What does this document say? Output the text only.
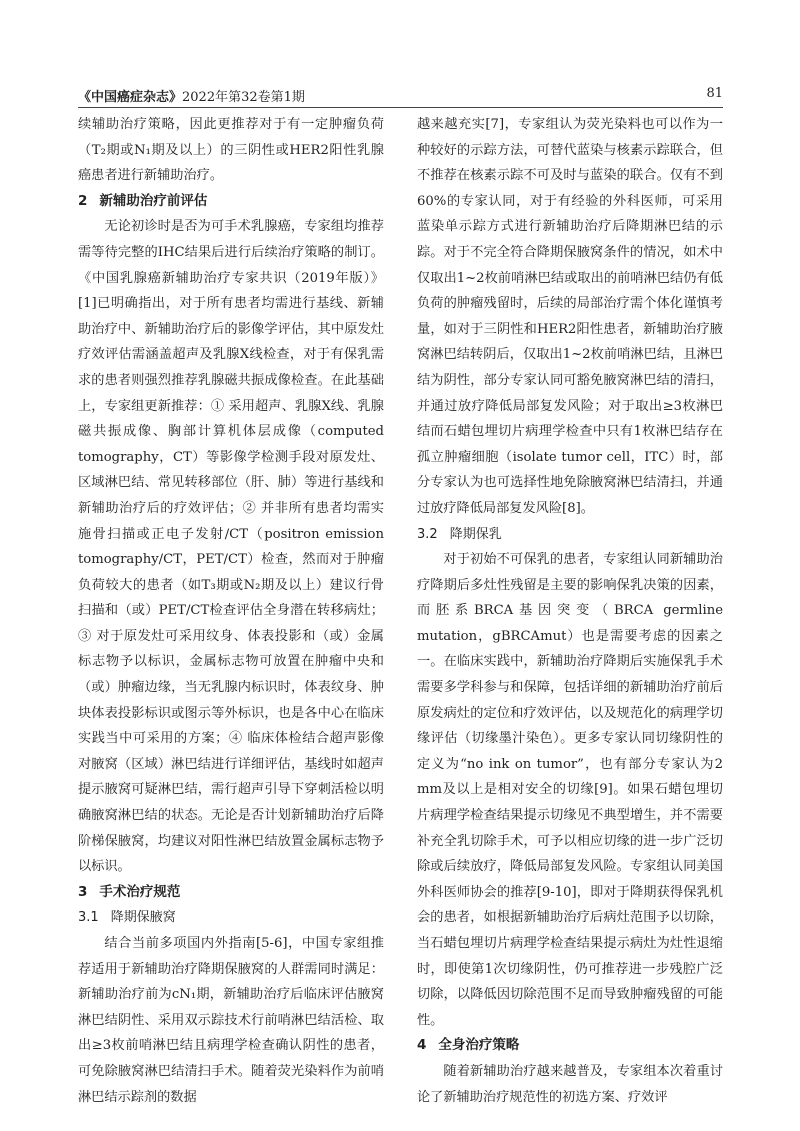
《中国癌症杂志》2022年第32卷第1期	81

续辅助治疗策略，因此更推荐对于有一定肿瘤负荷（T₂期或N₁期及以上）的三阴性或HER2阳性乳腺癌患者进行新辅助治疗。

2 新辅助治疗前评估

无论初诊时是否为可手术乳腺癌，专家组均推荐需等待完整的IHC结果后进行后续治疗策略的制订。《中国乳腺癌新辅助治疗专家共识（2019年版）》[1]已明确指出，对于所有患者均需进行基线、新辅助治疗中、新辅助治疗后的影像学评估，其中原发灶疗效评估需涵盖超声及乳腺X线检查，对于有保乳需求的患者则强烈推荐乳腺磁共振成像检查。在此基础上，专家组更新推荐：① 采用超声、乳腺X线、乳腺磁共振成像、胸部计算机体层成像（computed tomography，CT）等影像学检测手段对原发灶、区域淋巴结、常见转移部位（肝、肺）等进行基线和新辅助治疗后的疗效评估；② 并非所有患者均需实施骨扫描或正电子发射/CT（positron emission tomography/CT，PET/CT）检查，然而对于肿瘤负荷较大的患者（如T₃期或N₂期及以上）建议行骨扫描和（或）PET/CT检查评估全身潜在转移病灶；③ 对于原发灶可采用纹身、体表投影和（或）金属标志物予以标识，金属标志物可放置在肿瘤中央和（或）肿瘤边缘，当无乳腺内标识时，体表纹身、肿块体表投影标识或图示等外标识，也是各中心在临床实践当中可采用的方案；④ 临床体检结合超声影像对腋窝（区域）淋巴结进行详细评估，基线时如超声提示腋窝可疑淋巴结，需行超声引导下穿刺活检以明确腋窝淋巴结的状态。无论是否计划新辅助治疗后降阶梯保腋窝，均建议对阳性淋巴结放置金属标志物予以标识。

3 手术治疗规范
3.1 降期保腋窝

结合当前多项国内外指南[5-6]，中国专家组推荐适用于新辅助治疗降期保腋窝的人群需同时满足：新辅助治疗前为cN₁期，新辅助治疗后临床评估腋窝淋巴结阴性、采用双示踪技术行前哨淋巴结活检、取出≥3枚前哨淋巴结且病理学检查确认阴性的患者，可免除腋窝淋巴结清扫手术。随着荧光染料作为前哨淋巴结示踪剂的数据

越来越充实[7]，专家组认为荧光染料也可以作为一种较好的示踪方法，可替代蓝染与核素示踪联合，但不推荐在核素示踪不可及时与蓝染的联合。仅有不到60%的专家认同，对于有经验的外科医师，可采用蓝染单示踪方式进行新辅助治疗后降期淋巴结的示踪。对于不完全符合降期保腋窝条件的情况，如术中仅取出1~2枚前哨淋巴结或取出的前哨淋巴结仍有低负荷的肿瘤残留时，后续的局部治疗需个体化谨慎考量，如对于三阴性和HER2阳性患者，新辅助治疗腋窝淋巴结转阴后，仅取出1~2枚前哨淋巴结，且淋巴结为阴性，部分专家认同可豁免腋窝淋巴结的清扫，并通过放疗降低局部复发风险；对于取出≥3枚淋巴结而石蜡包埋切片病理学检查中只有1枚淋巴结存在孤立肿瘤细胞（isolate tumor cell，ITC）时，部分专家认为也可选择性地免除腋窝淋巴结清扫，并通过放疗降低局部复发风险[8]。

3.2 降期保乳

对于初始不可保乳的患者，专家组认同新辅助治疗降期后多灶性残留是主要的影响保乳决策的因素，而胚系BRCA基因突变（BRCA germline mutation，gBRCAmut）也是需要考虑的因素之一。在临床实践中，新辅助治疗降期后实施保乳手术需要多学科参与和保障，包括详细的新辅助治疗前后原发病灶的定位和疗效评估，以及规范化的病理学切缘评估（切缘墨汁染色）。更多专家认同切缘阴性的定义为“no ink on tumor”，也有部分专家认为2 mm及以上是相对安全的切缘[9]。如果石蜡包埋切片病理学检查结果提示切缘见不典型增生，并不需要补充全乳切除手术，可予以相应切缘的进一步广泛切除或后续放疗，降低局部复发风险。专家组认同美国外科医师协会的推荐[9-10]，即对于降期获得保乳机会的患者，如根据新辅助治疗后病灶范围予以切除，当石蜡包埋切片病理学检查结果提示病灶为灶性退缩时，即使第1次切缘阴性，仍可推荐进一步残腔广泛切除，以降低因切除范围不足而导致肿瘤残留的可能性。

4 全身治疗策略

随着新辅助治疗越来越普及，专家组本次着重讨论了新辅助治疗规范性的初选方案、疗效评
